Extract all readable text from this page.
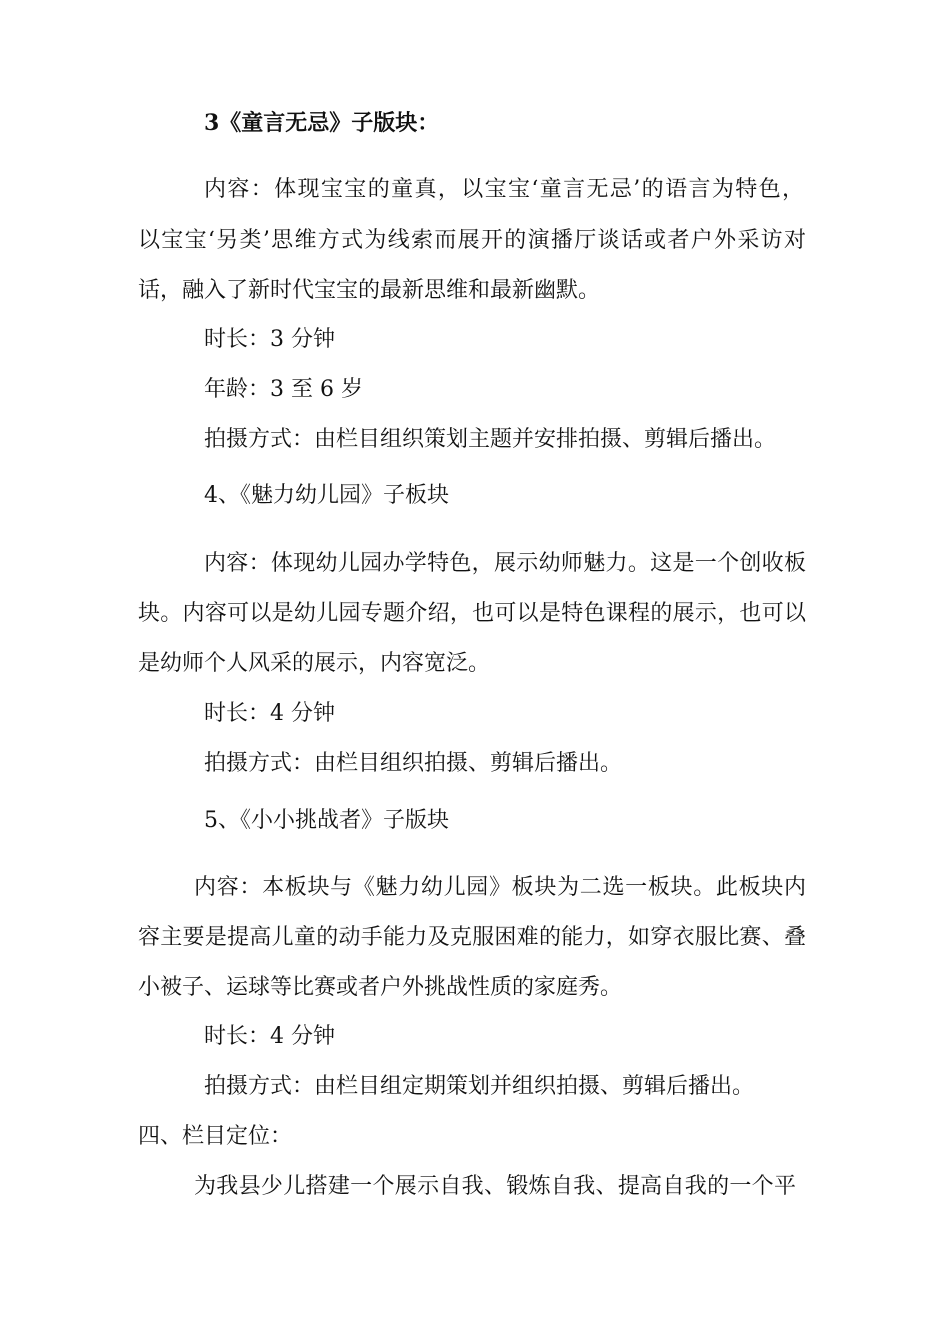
3《童言无忌》子版块：

内容：体现宝宝的童真，以宝宝‘童言无忌’的语言为特色，

以宝宝‘另类’思维方式为线索而展开的演播厅谈话或者户外采访对

话，融入了新时代宝宝的最新思维和最新幽默。

时长：3 分钟

年龄：3 至 6 岁

拍摄方式：由栏目组织策划主题并安排拍摄、剪辑后播出。

4、《魅力幼儿园》子板块

内容：体现幼儿园办学特色，展示幼师魅力。这是一个创收板

块。内容可以是幼儿园专题介绍，也可以是特色课程的展示，也可以

是幼师个人风采的展示，内容宽泛。

时长：4 分钟

拍摄方式：由栏目组织拍摄、剪辑后播出。

5、《小小挑战者》子版块

内容：本板块与《魅力幼儿园》板块为二选一板块。此板块内

容主要是提高儿童的动手能力及克服困难的能力，如穿衣服比赛、叠

小被子、运球等比赛或者户外挑战性质的家庭秀。

时长：4 分钟

拍摄方式：由栏目组定期策划并组织拍摄、剪辑后播出。

四、栏目定位：

为我县少儿搭建一个展示自我、锻炼自我、提高自我的一个平
